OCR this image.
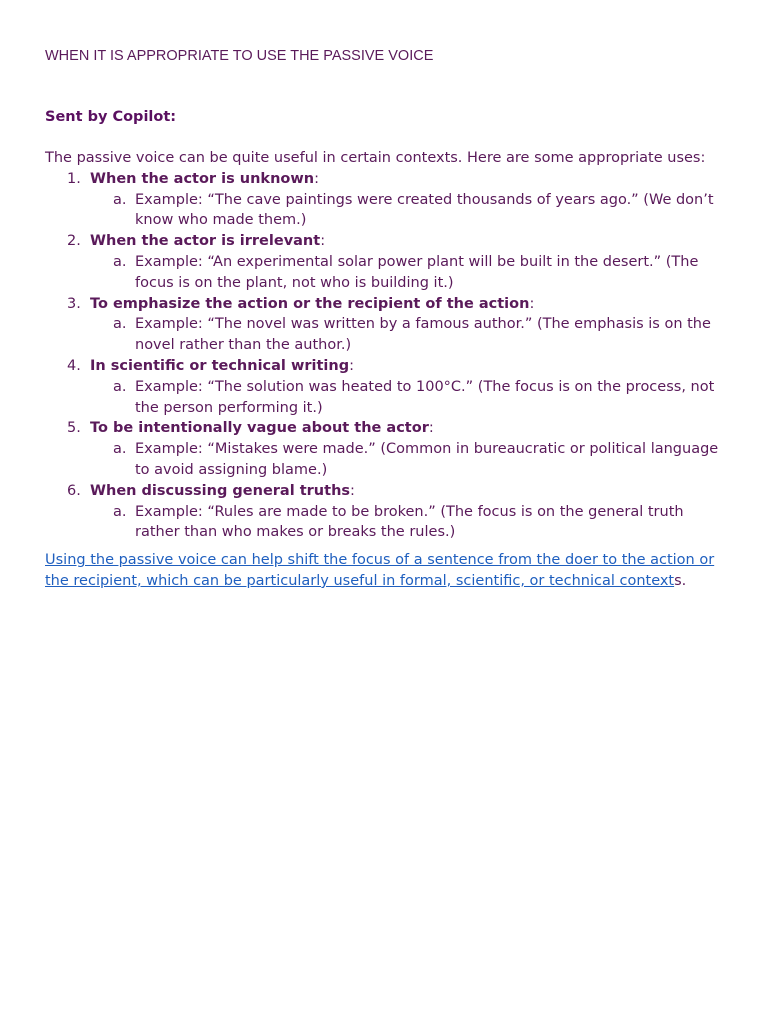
WHEN IT IS APPROPRIATE TO USE THE PASSIVE VOICE
Sent by Copilot:

The passive voice can be quite useful in certain contexts. Here are some appropriate uses:

1. When the actor is unknown:
a. Example: “The cave paintings were created thousands of years ago.” (We don’t know who made them.)
2. When the actor is irrelevant:
a. Example: “An experimental solar power plant will be built in the desert.” (The focus is on the plant, not who is building it.)
3. To emphasize the action or the recipient of the action:
a. Example: “The novel was written by a famous author.” (The emphasis is on the novel rather than the author.)
4. In scientific or technical writing:
a. Example: “The solution was heated to 100°C.” (The focus is on the process, not the person performing it.)
5. To be intentionally vague about the actor:
a. Example: “Mistakes were made.” (Common in bureaucratic or political language to avoid assigning blame.)
6. When discussing general truths:
a. Example: “Rules are made to be broken.” (The focus is on the general truth rather than who makes or breaks the rules.)

Using the passive voice can help shift the focus of a sentence from the doer to the action or the recipient, which can be particularly useful in formal, scientific, or technical contexts.
